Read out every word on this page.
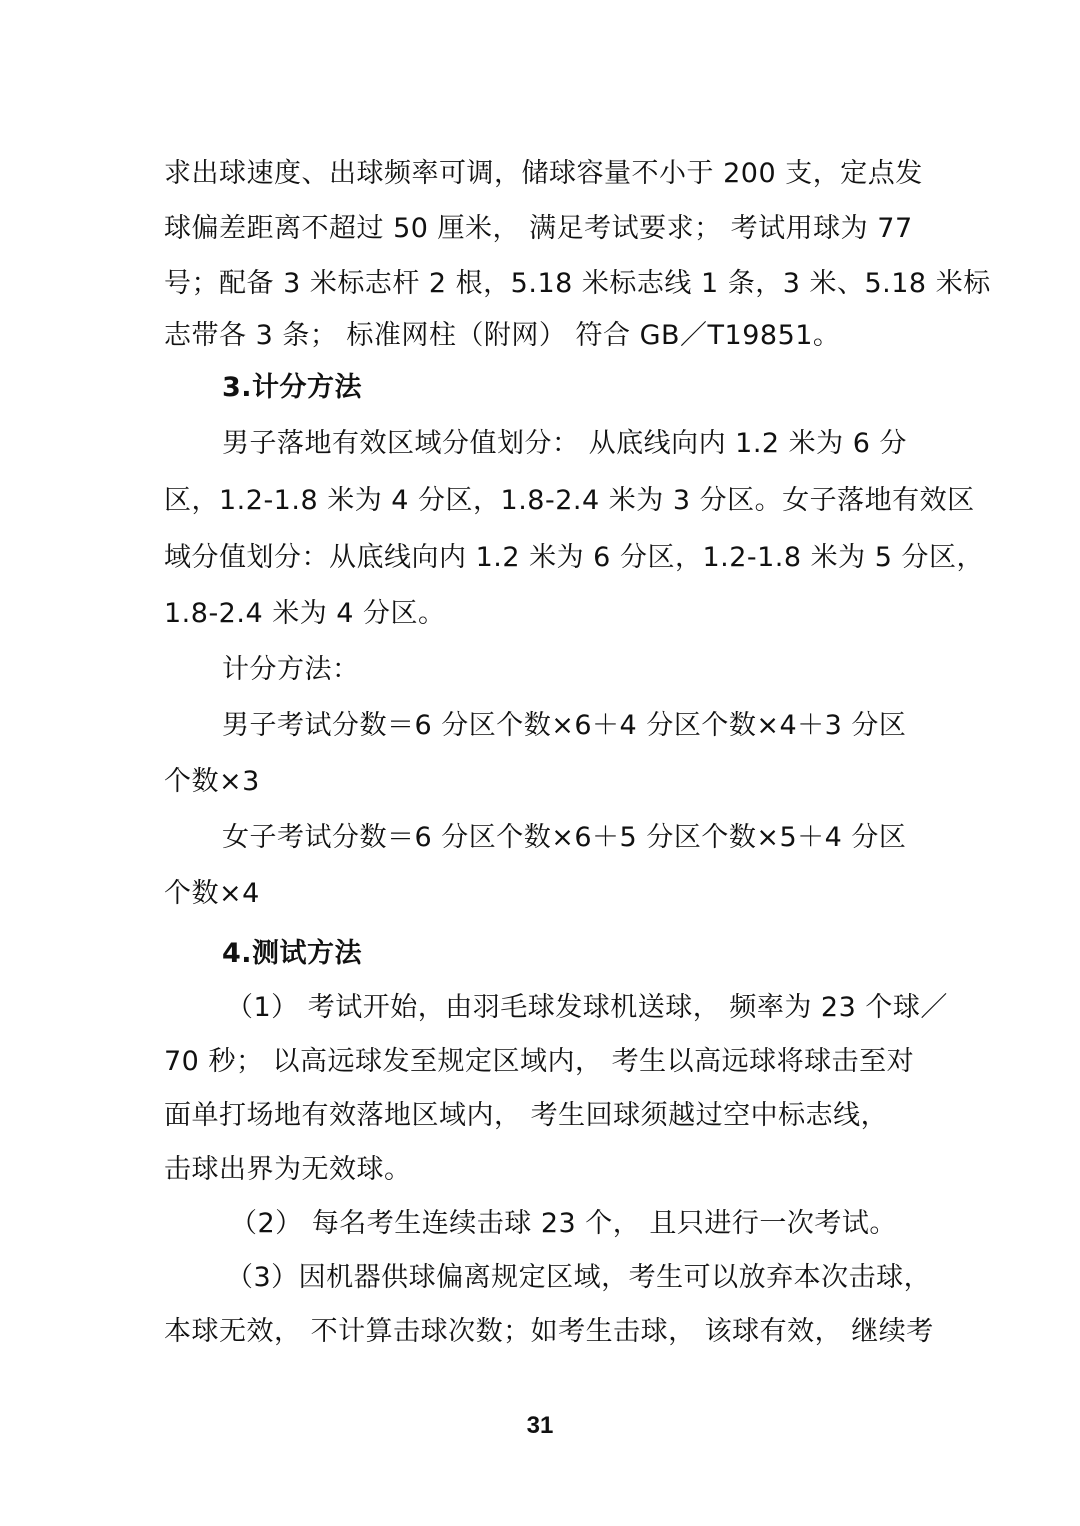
求出球速度、出球频率可调，储球容量不小于 200 支，定点发
球偏差距离不超过 50 厘米， 满足考试要求； 考试用球为 77
号；配备 3 米标志杆 2 根，5.18 米标志线 1 条，3 米、5.18 米标
志带各 3 条； 标准网柱（附网） 符合 GB／T19851。
3.计分方法
男子落地有效区域分值划分： 从底线向内 1.2 米为 6 分
区，1.2-1.8 米为 4 分区，1.8-2.4 米为 3 分区。女子落地有效区
域分值划分：从底线向内 1.2 米为 6 分区，1.2-1.8 米为 5 分区，
1.8-2.4 米为 4 分区。
计分方法：
男子考试分数＝6 分区个数×6＋4 分区个数×4＋3 分区
个数×3
女子考试分数＝6 分区个数×6＋5 分区个数×5＋4 分区
个数×4
4.测试方法
（1） 考试开始，由羽毛球发球机送球， 频率为 23 个球／
70 秒； 以高远球发至规定区域内， 考生以高远球将球击至对
面单打场地有效落地区域内， 考生回球须越过空中标志线，
击球出界为无效球。
（2） 每名考生连续击球 23 个， 且只进行一次考试。
（3）因机器供球偏离规定区域，考生可以放弃本次击球，
本球无效， 不计算击球次数；如考生击球， 该球有效， 继续考
31
